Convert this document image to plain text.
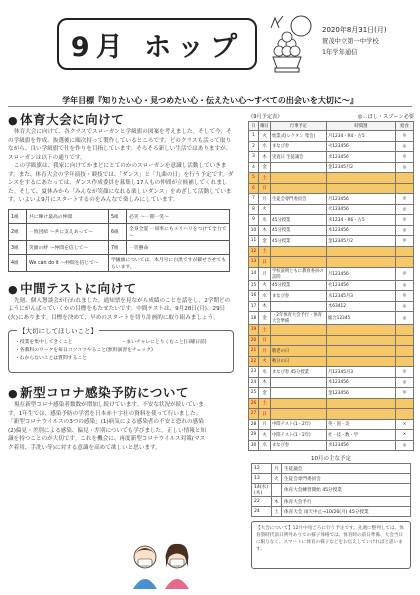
9月 ホップ
2020年8月31日(月)
賀茂中立第一中学校
1年学年通信
学年目標『知りたい心・見つめたい心・伝えたい心～すべての出会いを大切に～』
● 体育大会に向けて

体育大会に向けて、各クラスでスローガンと学級旗の図案を考えました。そして今、その学級旗を作成、抜選後に順次持って製作しているところです。どのクラスも活って取りながら、良い学級旗で仕を作りを目指しています。そろそろ新しい生活ではありますが、スローガンは以下の通りです。

この学級旗は、我家に向けてかまどにとてのかのスローガンを意識し活動していきます。また、体育大会の学年演技・競技では、「ダンス」と「九曲の日」を行う予定です。ダンスをするにあたっては、ダンス作成委員を募集し17人もの仲間が立候補してくれました。そして、夏休みから「みんなが笑顔になれる楽しいダンス」をめざして活動しています。いよいよ9月にスタートするのをみんなで楽しみにしています。

1組	共に輝け最高の仲間	5組	必笑 ～一期一笑～
2組	一致団結 ～共に支えあって～	6組	全身全霊 一同率にもメリハリをつけて全力で～
3組	笑顔の絆 ～仲間を信じて～	7組	一笑懸命
4組	We can do it ～仲間を信じて～	学級旗については、本月号に白黒ですが載せさせてもらいます。	
● 中間テストに向けて

先週、個人懇談会が行われました。通知票を見ながら成績のことを話をし、2学期どのようにがんばっていくかの目標をもたせたいです。中間テストは、9月28日(月)、29日(火)にあります。目標を決めて、早めのスタートを切り計画的に取り組みましょう。

【大切にしてほしいこと】
・授業を集中してきくこと	・まいチャレにとりくむこと(日曜日前)
・各教科のワークを毎日コツコツやること(無料演習をチェック)
・わからないことは質問すること
● 新型コロナ感染予防について

現在新型コロナ感染者数数が増加し続けています。不安な状況が続いています。1年生では、感染予防の学習を日本赤十字社の資料を使って行いました。「新型コロナウイルスの3つの感染」(1)病気による感染者の不安と恐れの感染(2)偏見・差別による感染、偏見・差別についても学びました。正しい情報と知識を持つことのが大切です。これを機会に、再度新型コロナウイルス対策(マスク着用、手洗い等)に対する意識を高めて欲しいと思います。

《9月予定表》	◎…ほし・スプーン必要
日	曜日	行事予定	時間割	給食
1	火	始業式(レクタン 集会)	月1234・R4・古5	◎
2	水	まなび券	火123456	◎
3	木	実査日 生徒議会	水123456	◎
4	金		金12345月2	◎
5	土			
6	日			
7	月	生徒会専門委員会	月123456	◎
8	火		火123456	◎
9	水	45分授業	水1234・R6・古5	◎
10	木	45分授業	木123456	◎
11	金	45分授業	金12345月2	◎
12	土			
13	日			
14	月	学校説明ともに教育委員の訪問	月123456	◎
15	火	45分授業	火123456	◎
16	水	まなび券	水12345月3	◎
17	木		木63412	◎
18	金	・2年体育大会予行・体育大会準備	総合12345	◎
19	土			
20	日			
21	月	敬老の日		
22	火	秋分の日		
23	水	まなび券 45分授業	月12345月3	◎
24	木		木123456	◎
25	金		金123456	◎
26	土			
27	日			
28	月	中間テスト(1・2年)	英・国・美	×
29	火	中間テスト(1・2年)	社・技・数・学	×
30	水	まなび券	水123456	◎
10月の主な予定
12	月	生徒議会
13	火	生徒会専門委員会
14(水)(木)		体育大会練習開始 45分授業
22	木	体育大会予行
24	土	体育大会 雨天中止→10/26(月) 45分授業
【大会について】12月中旬ごろに行う予定です。先週に整列しては、体育祭時代前日例外ありでの様子体格では、体育時の前日準備、大会当日に限りなく、スマートに体育の様子などをお伝えしていければと思います。
